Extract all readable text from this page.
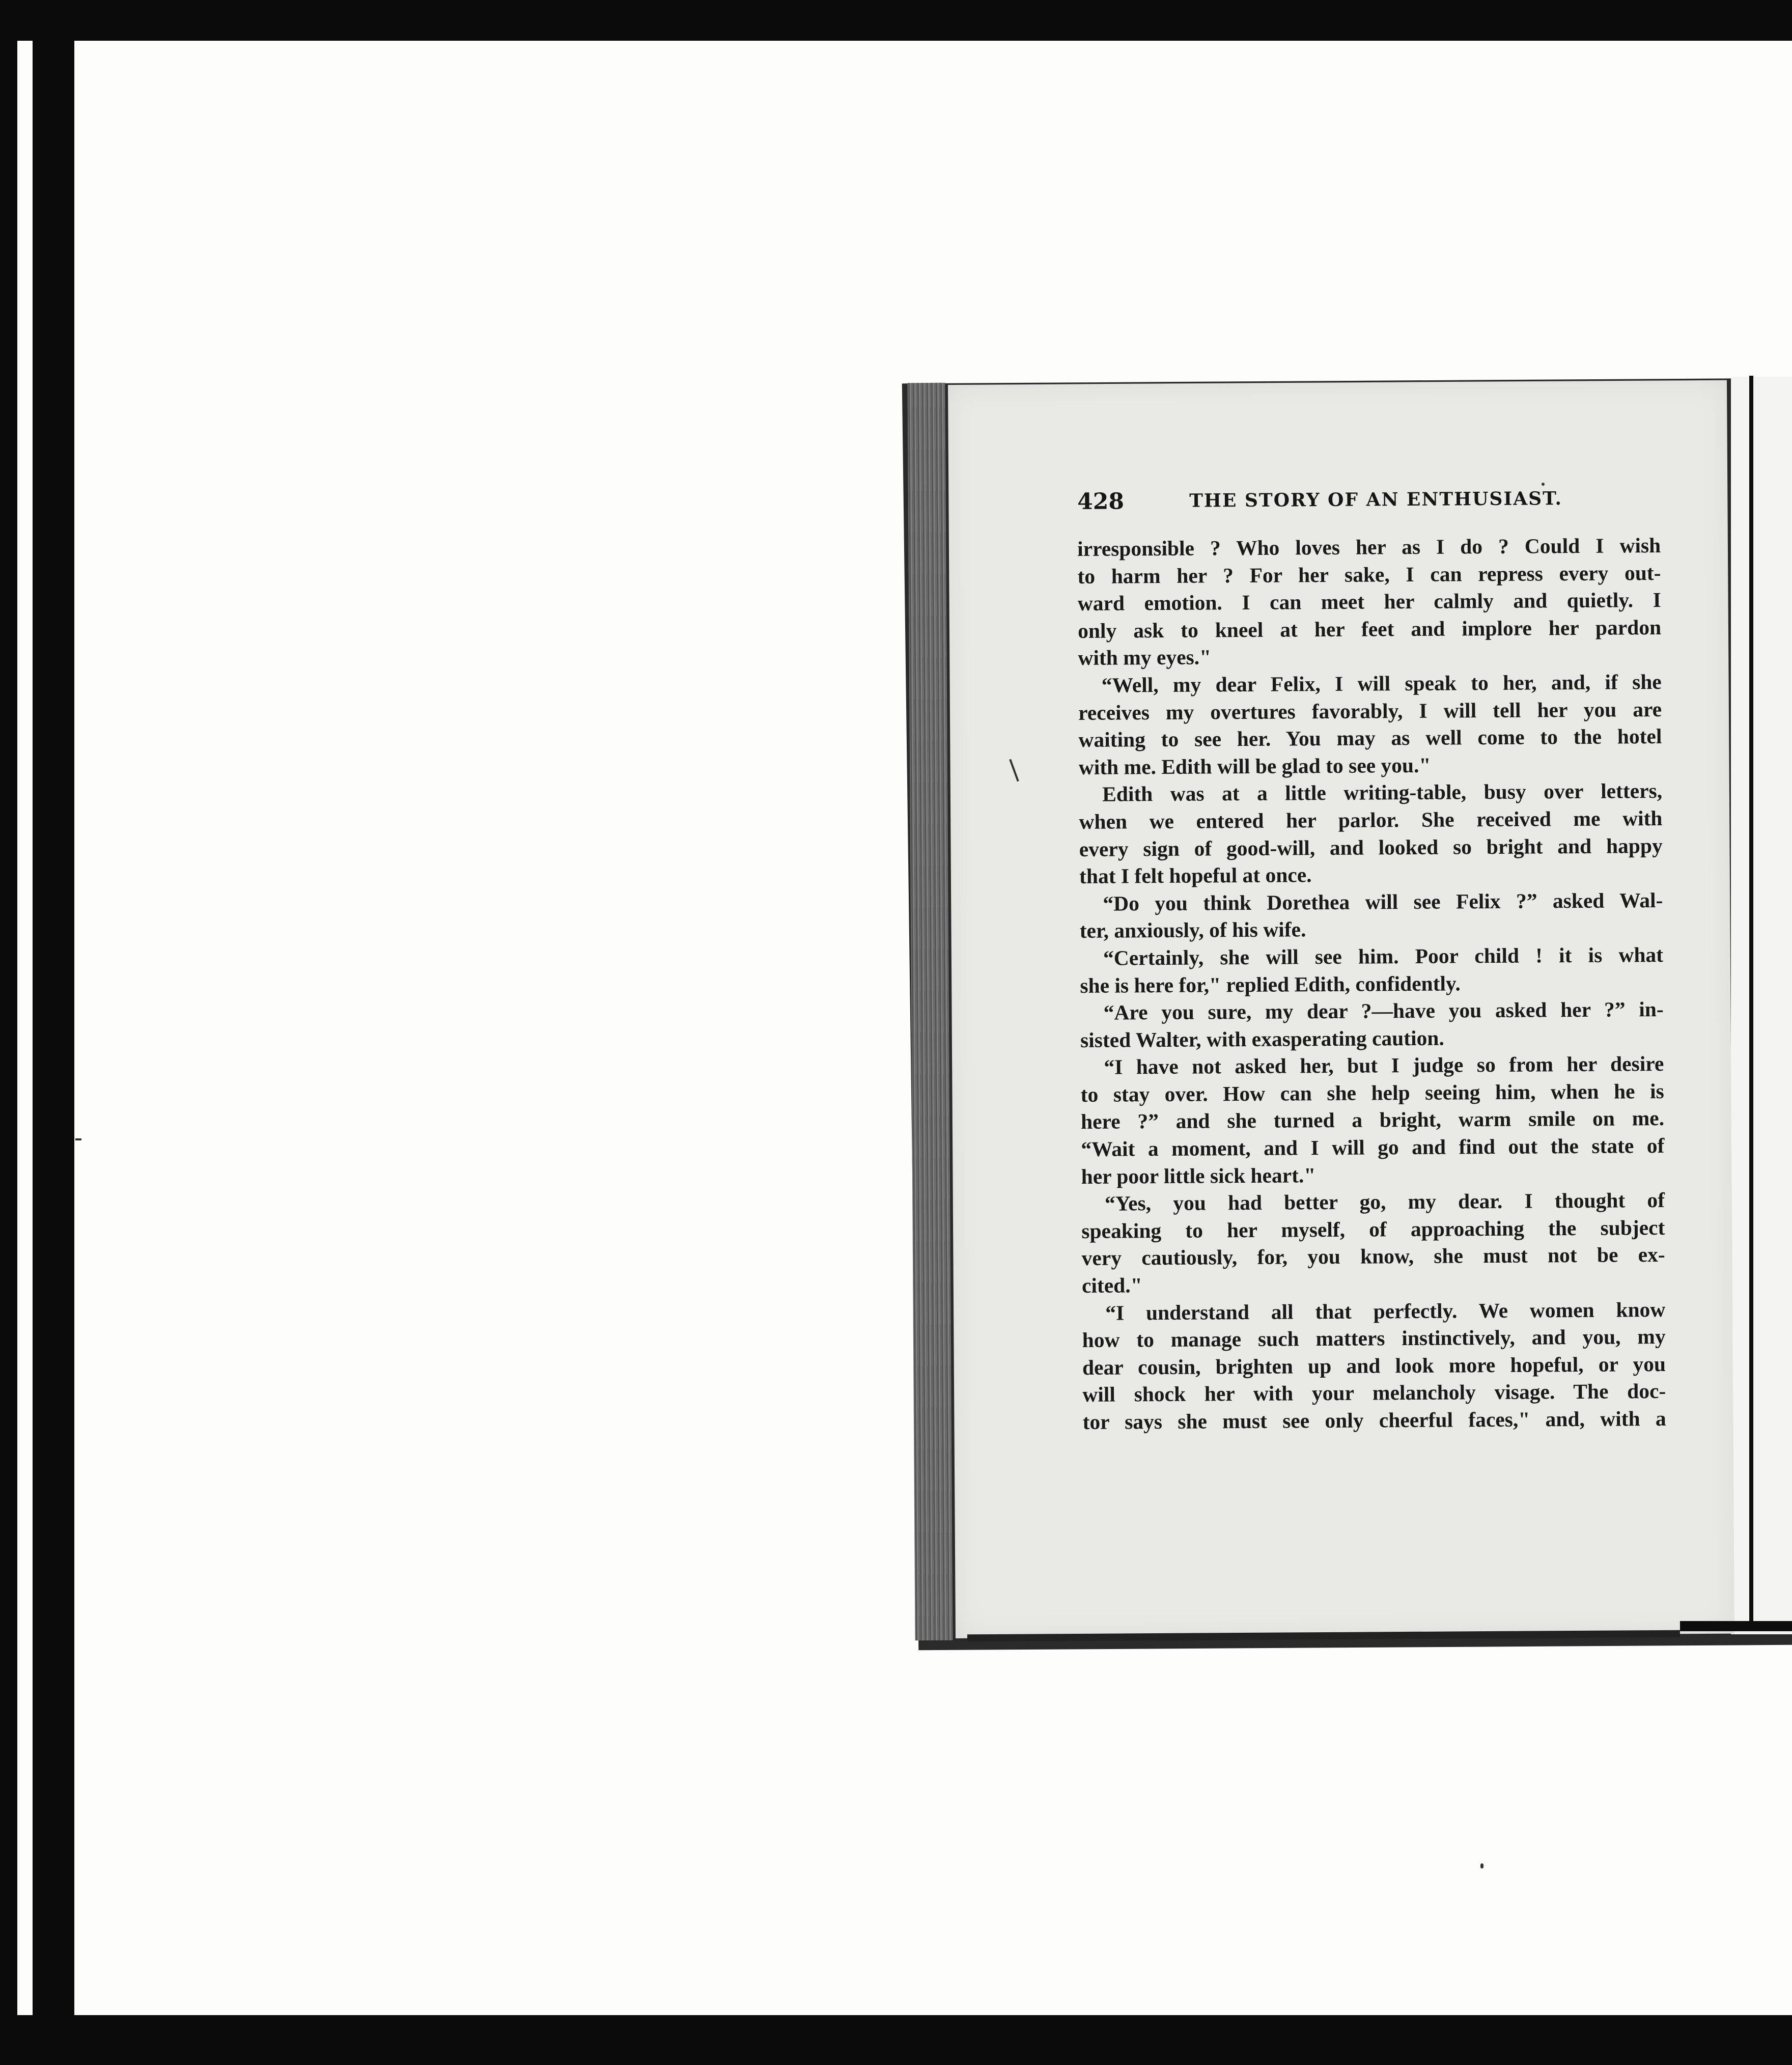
428	THE STORY OF AN ENTHUSIAST.
irresponsible ? Who loves her as I do ? Could I wish
to harm her ? For her sake, I can repress every out-
ward emotion. I can meet her calmly and quietly. I
only ask to kneel at her feet and implore her pardon
with my eyes."
“Well, my dear Felix, I will speak to her, and, if she
receives my overtures favorably, I will tell her you are
waiting to see her. You may as well come to the hotel
with me. Edith will be glad to see you."
Edith was at a little writing-table, busy over letters,
when we entered her parlor. She received me with
every sign of good-will, and looked so bright and happy
that I felt hopeful at once.
“Do you think Dorethea will see Felix ?” asked Wal-
ter, anxiously, of his wife.
“Certainly, she will see him. Poor child ! it is what
she is here for," replied Edith, confidently.
“Are you sure, my dear ?—have you asked her ?” in-
sisted Walter, with exasperating caution.
“I have not asked her, but I judge so from her desire
to stay over. How can she help seeing him, when he is
here ?” and she turned a bright, warm smile on me.
“Wait a moment, and I will go and find out the state of
her poor little sick heart."
“Yes, you had better go, my dear. I thought of
speaking to her myself, of approaching the subject
very cautiously, for, you know, she must not be ex-
cited."
“I understand all that perfectly. We women know
how to manage such matters instinctively, and you, my
dear cousin, brighten up and look more hopeful, or you
will shock her with your melancholy visage. The doc-
tor says she must see only cheerful faces," and, with a
